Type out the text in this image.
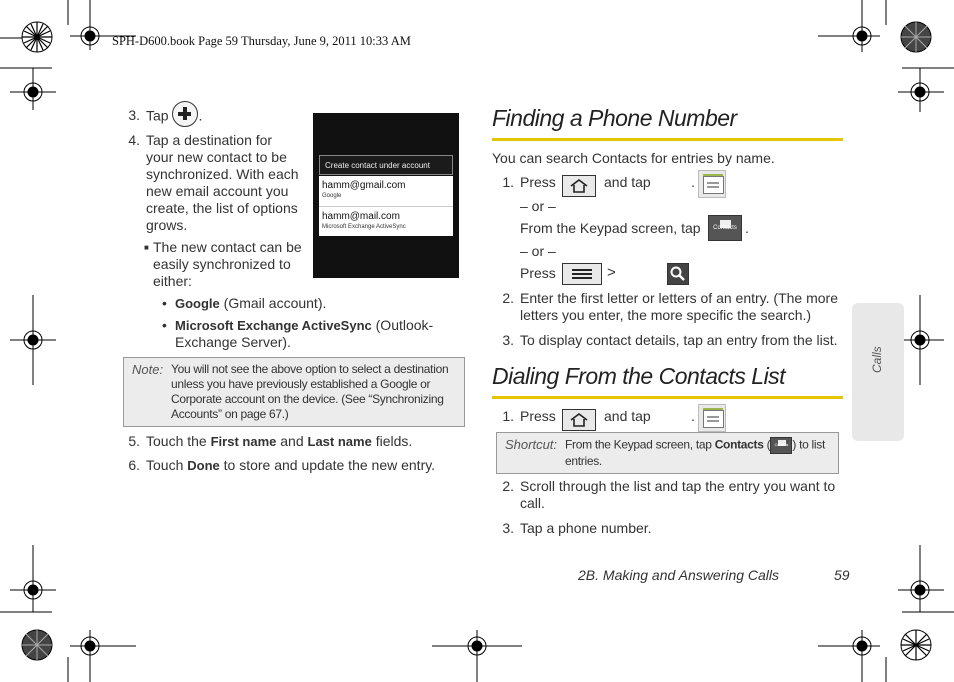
SPH-D600.book Page 59 Thursday, June 9, 2011 10:33 AM
3. Tap .
4. Tap a destination for your new contact to be synchronized. With each new email account you create, the list of options grows.
■ The new contact can be easily synchronized to either:
• Google (Gmail account).
• Microsoft Exchange ActiveSync (Outlook-Exchange Server).
Create contact under account
hamm@gmail.com
Google
hamm@mail.com
Microsoft Exchange ActiveSync
Note: You will not see the above option to select a destination unless you have previously established a Google or Corporate account on the device. (See “Synchronizing Accounts” on page 67.)
5. Touch the First name and Last name fields.
6. Touch Done to store and update the new entry.
Finding a Phone Number
You can search Contacts for entries by name.
1. Press
	and tap	.
– or –
From the Keypad screen, tap	Contacts .
– or –
Press
	>
2. Enter the first letter or letters of an entry. (The more letters you enter, the more specific the search.)
3. To display contact details, tap an entry from the list.
Dialing From the Contacts List
1. Press
	and tap	.
Shortcut: From the Keypad screen, tap Contacts (	Contacts ) to list entries.
2. Scroll through the list and tap the entry you want to call.
3. Tap a phone number.
Calls
2B. Making and Answering Calls	59
